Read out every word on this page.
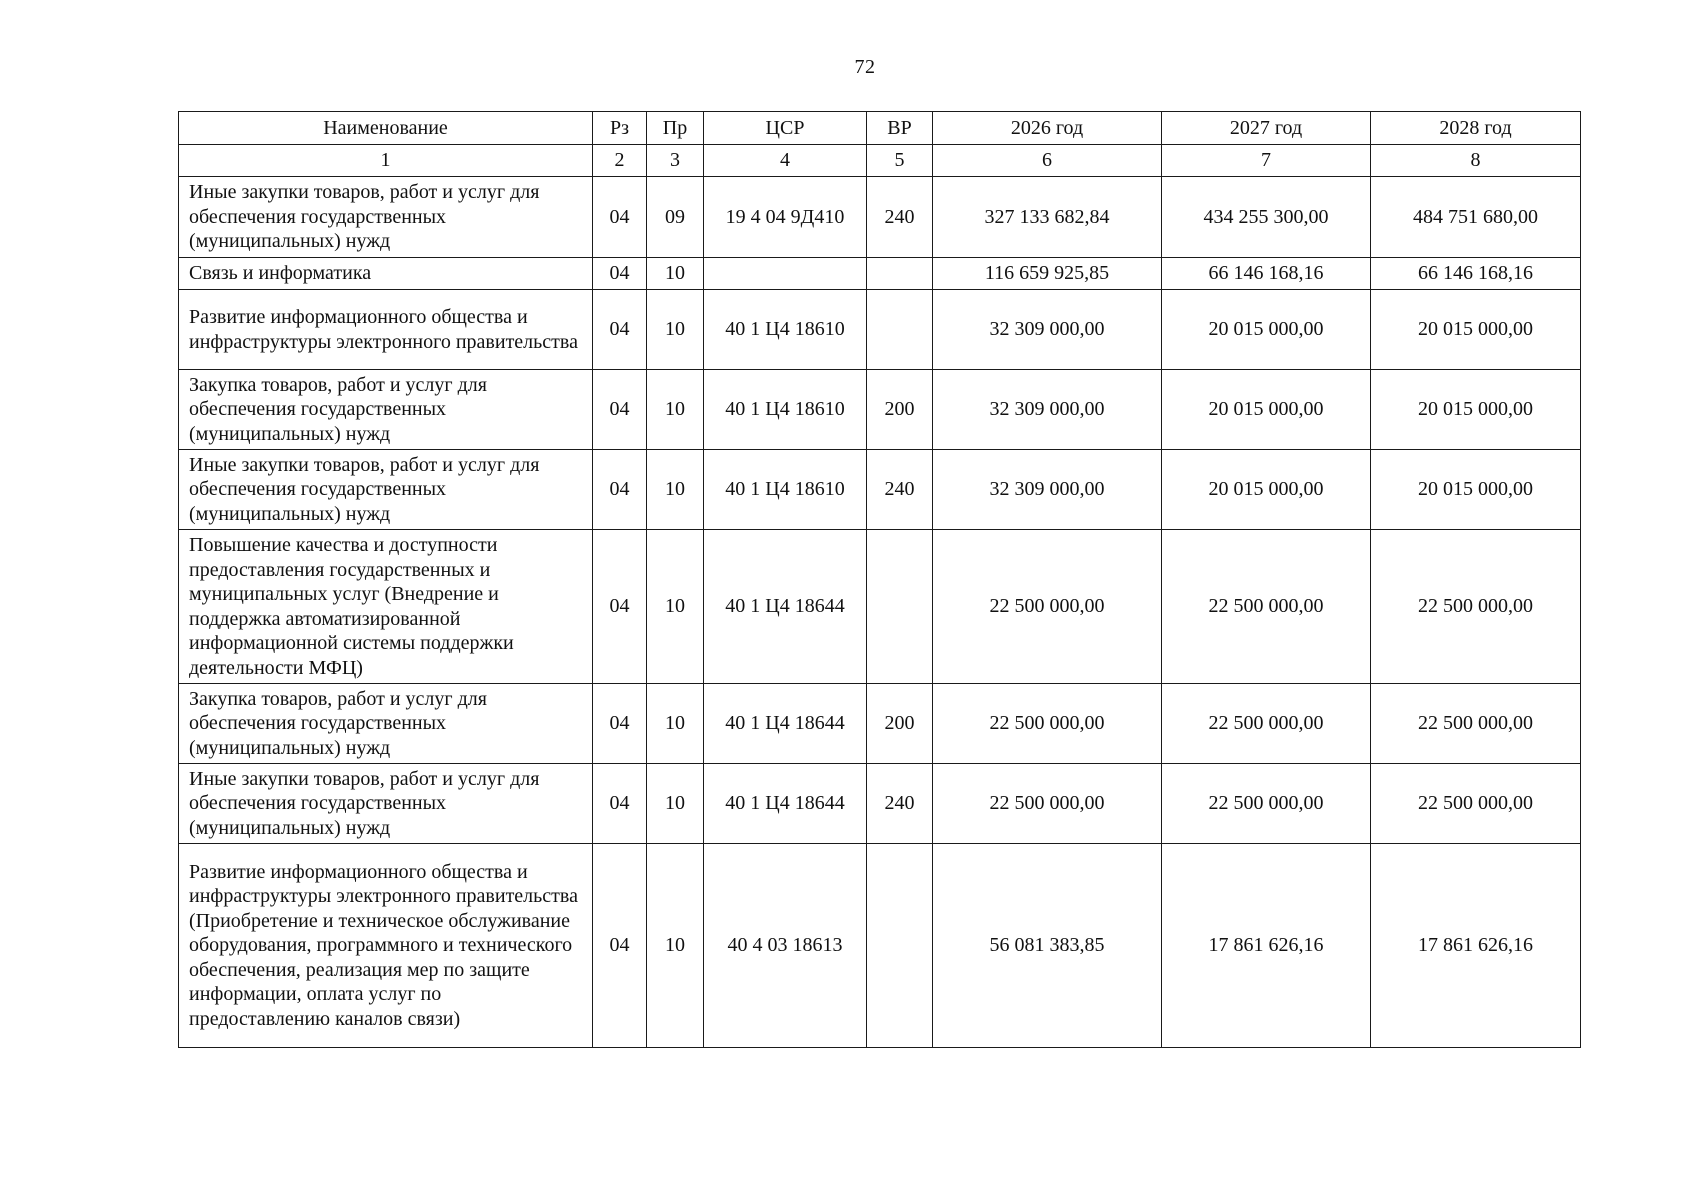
72
Наименование	Рз	Пр	ЦСР	ВР	2026 год	2027 год	2028 год
1	2	3	4	5	6	7	8
Иные закупки товаров, работ и услуг для обеспечения государственных (муниципальных) нужд	04	09	19 4 04 9Д410	240	327 133 682,84	434 255 300,00	484 751 680,00
Связь и информатика	04	10			116 659 925,85	66 146 168,16	66 146 168,16
Развитие информационного общества и инфраструктуры электронного правительства	04	10	40 1 Ц4 18610		32 309 000,00	20 015 000,00	20 015 000,00
Закупка товаров, работ и услуг для обеспечения государственных (муниципальных) нужд	04	10	40 1 Ц4 18610	200	32 309 000,00	20 015 000,00	20 015 000,00
Иные закупки товаров, работ и услуг для обеспечения государственных (муниципальных) нужд	04	10	40 1 Ц4 18610	240	32 309 000,00	20 015 000,00	20 015 000,00
Повышение качества и доступности предоставления государственных и муниципальных услуг (Внедрение и поддержка автоматизированной информационной системы поддержки деятельности МФЦ)	04	10	40 1 Ц4 18644		22 500 000,00	22 500 000,00	22 500 000,00
Закупка товаров, работ и услуг для обеспечения государственных (муниципальных) нужд	04	10	40 1 Ц4 18644	200	22 500 000,00	22 500 000,00	22 500 000,00
Иные закупки товаров, работ и услуг для обеспечения государственных (муниципальных) нужд	04	10	40 1 Ц4 18644	240	22 500 000,00	22 500 000,00	22 500 000,00
Развитие информационного общества и инфраструктуры электронного правительства (Приобретение и техническое обслуживание оборудования, программного и технического обеспечения, реализация мер по защите информации, оплата услуг по предоставлению каналов связи)	04	10	40 4 03 18613		56 081 383,85	17 861 626,16	17 861 626,16
